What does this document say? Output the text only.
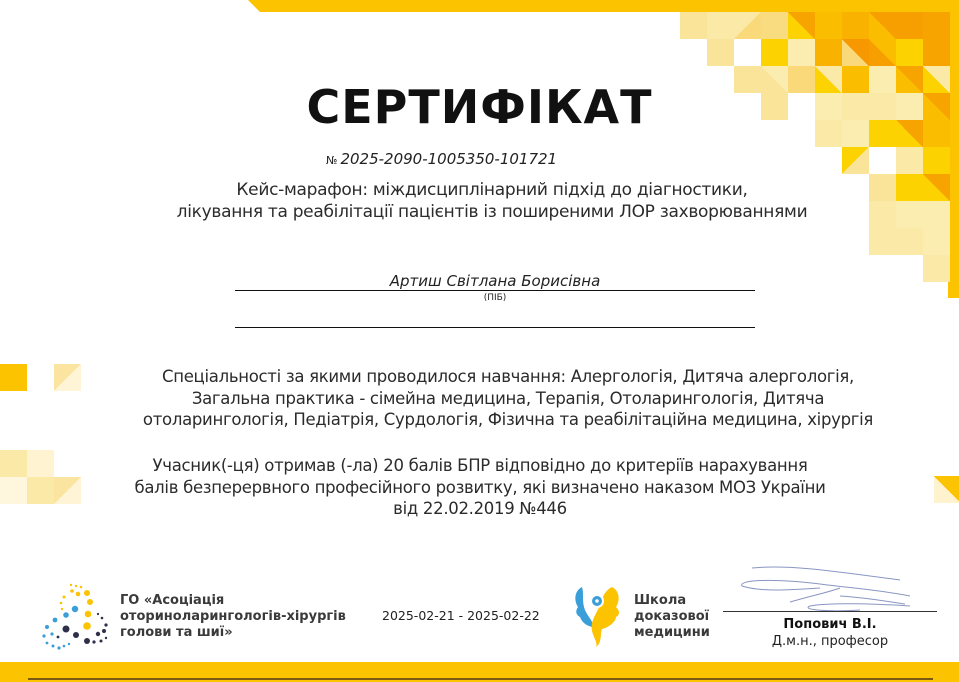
СЕРТИФІКАТ
№ 2025-2090-1005350-101721
Кейс-марафон: міждисциплінарний підхід до діагностики,
лікування та реабілітації пацієнтів із поширеними ЛОР захворюваннями
Артиш Світлана Борисівна
(ПІБ)
Спеціальності за якими проводилося навчання: Алергологія, Дитяча алергологія,
Загальна практика - сімейна медицина, Терапія, Отоларингологія, Дитяча
отоларингологія, Педіатрія, Сурдологія, Фізична та реабілітаційна медицина, хірургія
Учасник(-ця) отримав (-ла) 20 балів БПР відповідно до критеріїв нарахування
балів безперервного професійного розвитку, які визначено наказом МОЗ України
від 22.02.2019 №446
ГО «Асоціація
оториноларингологів-хірургів
голови та шиї»
2025-02-21 - 2025-02-22
Школа
доказової
медицини
Попович В.І.
Д.м.н., професор
